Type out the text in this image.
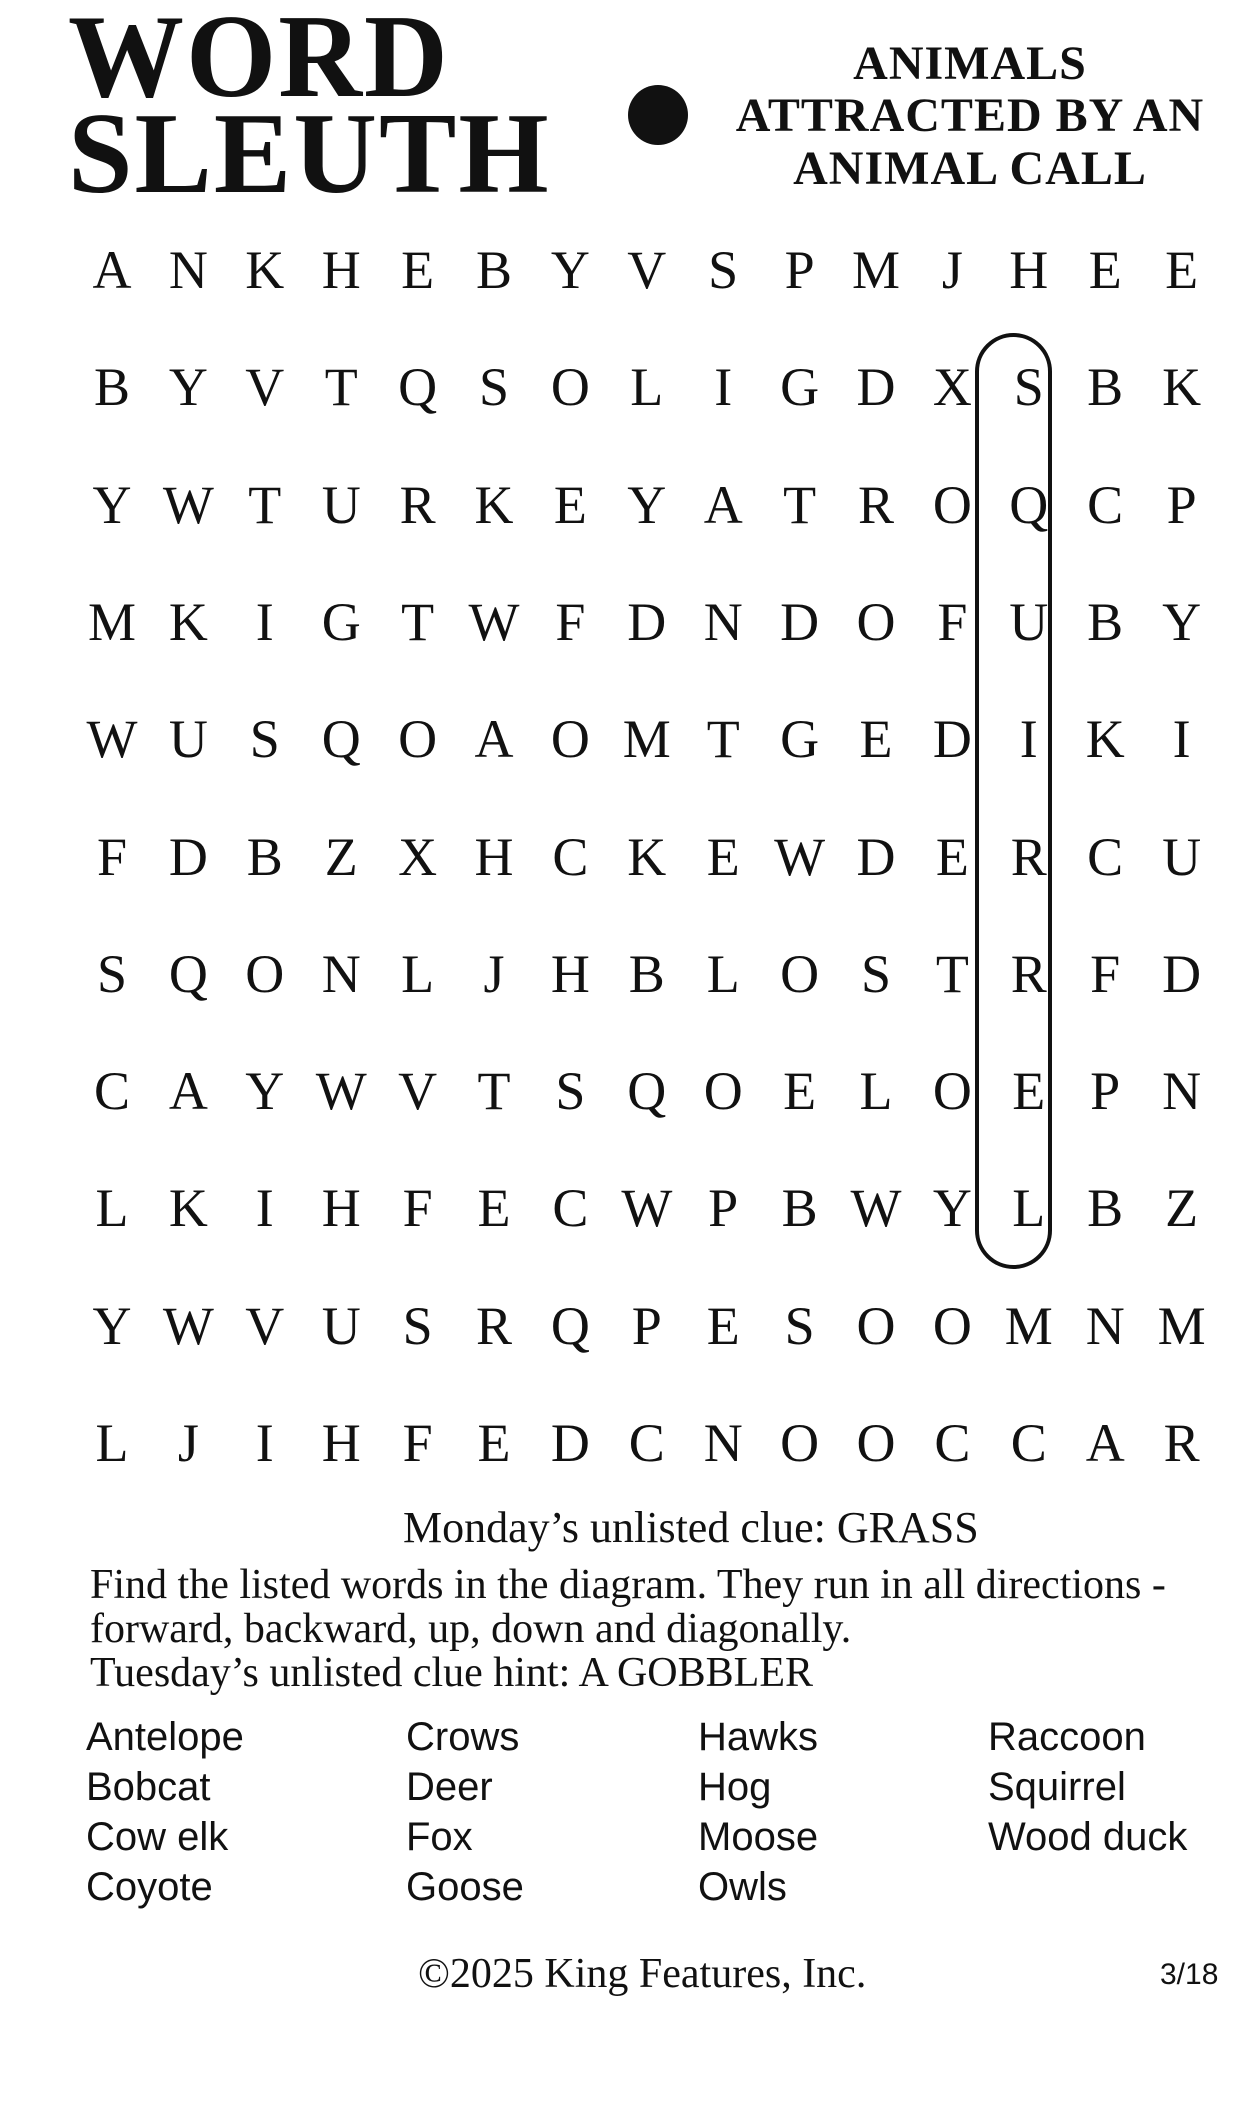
WORD
SLEUTH
ANIMALS
ATTRACTED BY AN
ANIMAL CALL
A N K H E B Y V S P M J H E E
B Y V T Q S O L I G D X S B K
Y W T U R K E Y A T R O Q C P
M K I G T W F D N D O F U B Y
W U S Q O A O M T G E D I K I
F D B Z X H C K E W D E R C U
S Q O N L J H B L O S T R F D
C A Y W V T S Q O E L O E P N
L K I H F E C W P B W Y L B Z
Y W V U S R Q P E S O O M N M
L J	I H F E D C N O O C C A R
Monday’s unlisted clue: GRASS
Find the listed words in the diagram. They run in all directions -
forward, backward, up, down and diagonally.
Tuesday’s unlisted clue hint: A GOBBLER
Antelope
Bobcat
Cow elk
Coyote
Crows
Deer
Fox
Goose
Hawks
Hog
Moose
Owls
Raccoon
Squirrel
Wood duck
©2025 King Features, Inc.	3/18
